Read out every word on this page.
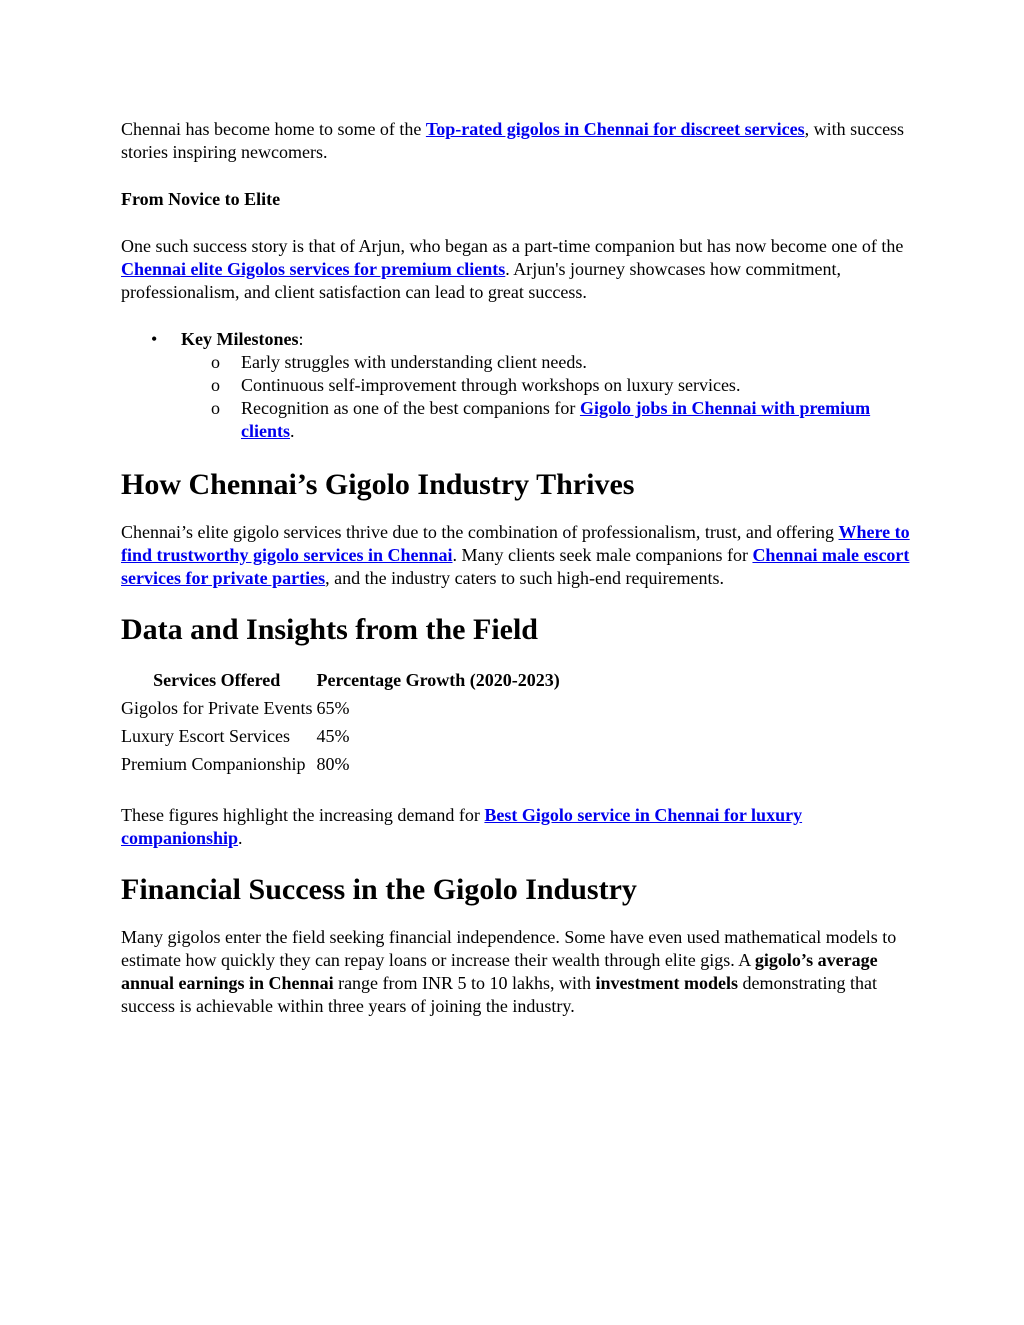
Chennai has become home to some of the Top-rated gigolos in Chennai for discreet services, with success stories inspiring newcomers.

From Novice to Elite

One such success story is that of Arjun, who began as a part-time companion but has now become one of the Chennai elite Gigolos services for premium clients. Arjun's journey showcases how commitment, professionalism, and client satisfaction can lead to great success.

• Key Milestones:
o Early struggles with understanding client needs.
o Continuous self-improvement through workshops on luxury services.
o Recognition as one of the best companions for Gigolo jobs in Chennai with premium clients.
How Chennai’s Gigolo Industry Thrives

Chennai’s elite gigolo services thrive due to the combination of professionalism, trust, and offering Where to find trustworthy gigolo services in Chennai. Many clients seek male companions for Chennai male escort services for private parties, and the industry caters to such high-end requirements.

Data and Insights from the Field
Services Offered	Percentage Growth (2020-2023)
Gigolos for Private Events	65%
Luxury Escort Services	45%
Premium Companionship	80%

These figures highlight the increasing demand for Best Gigolo service in Chennai for luxury companionship.

Financial Success in the Gigolo Industry

Many gigolos enter the field seeking financial independence. Some have even used mathematical models to estimate how quickly they can repay loans or increase their wealth through elite gigs. A gigolo’s average annual earnings in Chennai range from INR 5 to 10 lakhs, with investment models demonstrating that success is achievable within three years of joining the industry.
